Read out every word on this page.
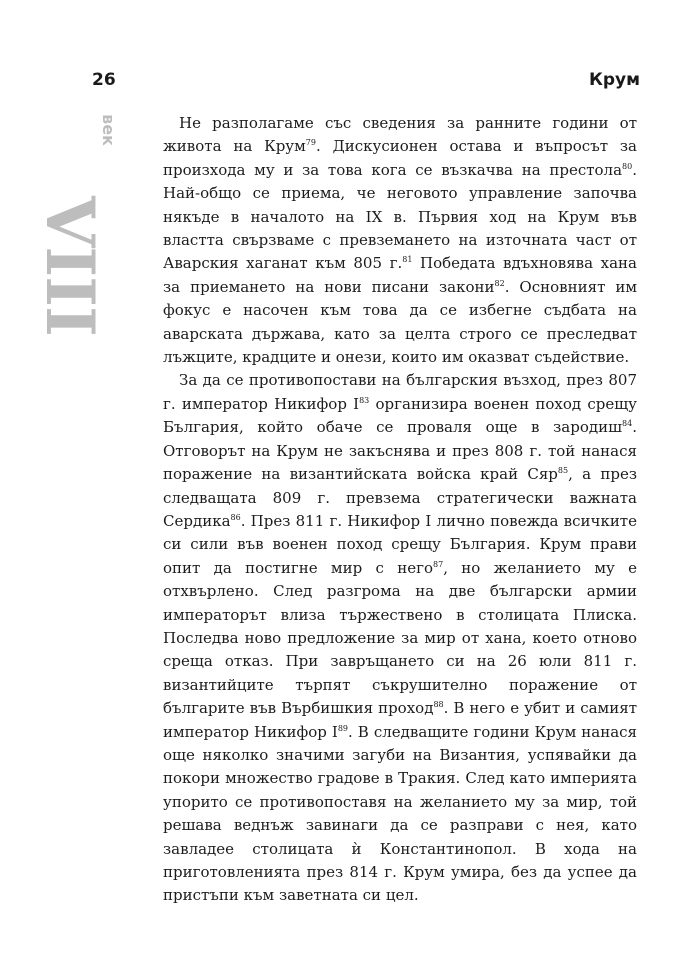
26	Крум
VIII
век	Не разполагаме със сведения за ранните години от живота на Крум$^{79}$. Дискусионен остава и въпросът за произхода му и за това кога се възкачва на престола$^{80}$. Най-общо се приема, че неговото управление започва някъде в началото на IX в. Първия ход на Крум във властта свързваме с превземането на източната част от Аварския хаганат към 805 г.$^{81}$ Победата вдъхновява хана за приемането на нови писани закони$^{82}$. Основният им фокус е насочен към това да се избегне съдбата на аварската държава, като за целта строго се преследват лъжците, крадците и онези, които им оказват съдействие.

За да се противопостави на българския възход, през 807 г. император Никифор $I^{83}$ организира военен поход срещу България, който обаче се проваля още в зародиш$^{84}$. Отговорът на Крум не закъснява и през 808 г. той нанася поражение на византийската войска край Сяр$^{85}$, а през следващата 809 г. превзема стратегически важната Сердика$^{86}$. През 811 г. Никифор I лично повежда всичките си сили във военен поход срещу България. Крум прави опит да постигне мир с него$^{87}$, но желанието му е отхвърлено. След разгрома на две български армии императорът влиза тържествено в столицата Плиска. Последва ново предложение за мир от хана, което отново среща отказ. При завръщането си на 26 юли 811 г. византийците търпят съкрушително поражение от българите във Върбишкия проход$^{88}$. В него е убит и самият император Никифор $I^{89}$. В следващите години Крум нанася още няколко значими загуби на Византия, успявайки да покори множество градове в Тракия. След като империята упорито се противопоставя на желанието му за мир, той решава веднъж завинаги да се разправи с нея, като завладее столицата ѝ Константинопол. В хода на приготовленията през 814 г. Крум умира, без да успее да пристъпи към заветната си цел.
